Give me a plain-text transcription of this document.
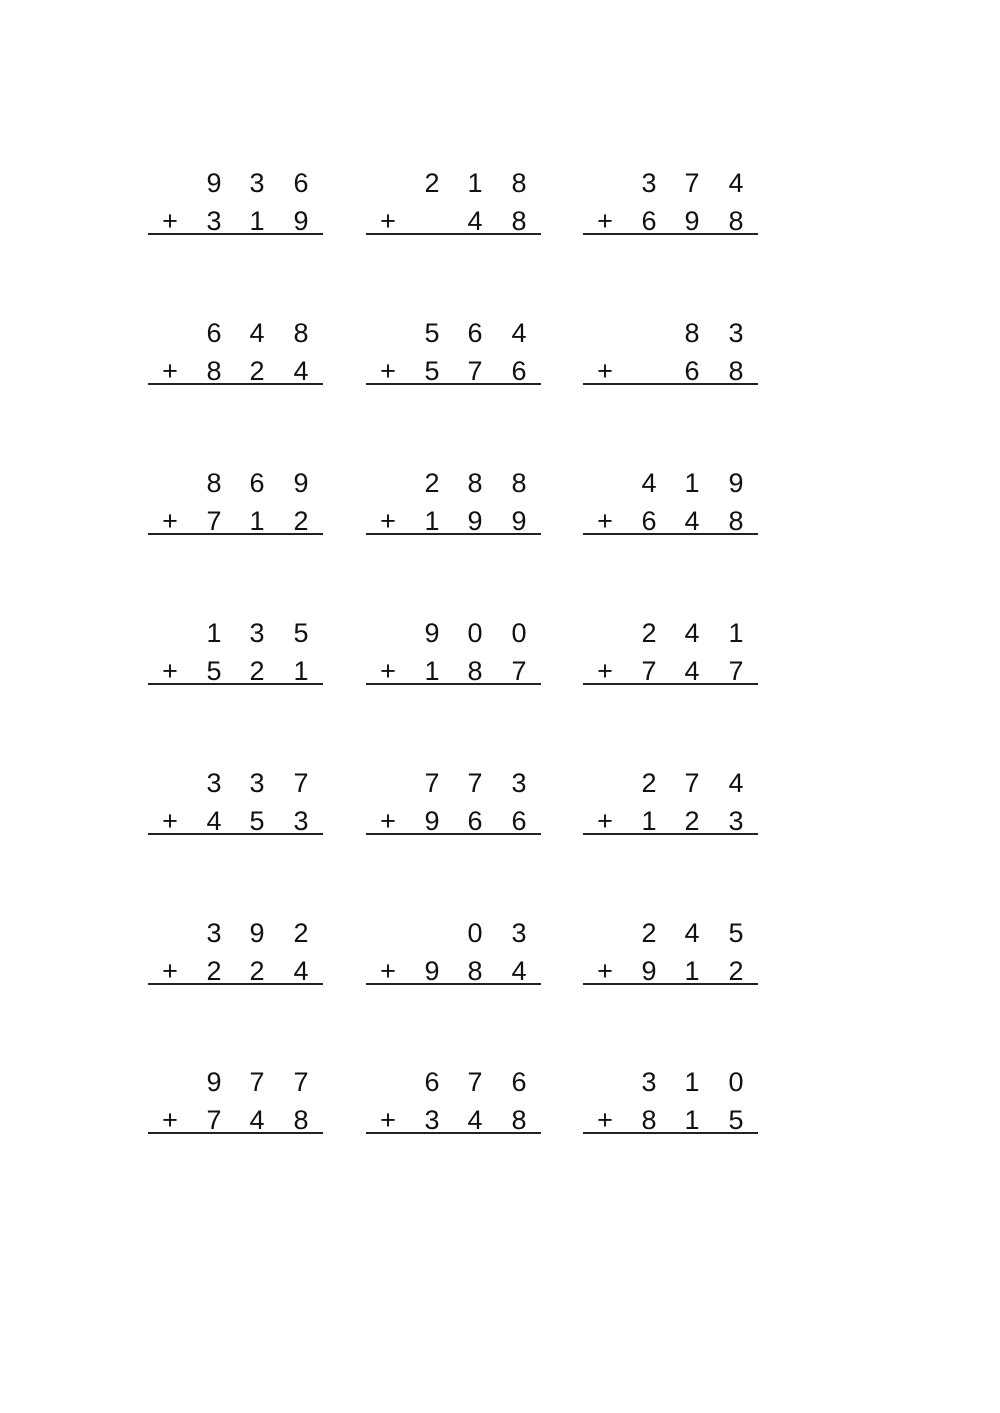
9 3 6
+ 3 1 9
2 1 8
+	4 8
3 7 4
+ 6 9 8
6 4 8
+ 8 2 4
5 6 4
+ 5 7 6
8 3
+	6 8
8 6 9
+ 7 1 2
2 8 8
+ 1 9 9
4 1 9
+ 6 4 8
1 3 5
+ 5 2 1
9 0 0
+ 1 8 7
2 4 1
+ 7 4 7
3 3 7
+ 4 5 3
7 7 3
+ 9 6 6
2 7 4
+ 1 2 3
3 9 2
+ 2 2 4
0 3
+ 9 8 4
2 4 5
+ 9 1 2
9 7 7
+ 7 4 8
6 7 6
+ 3 4 8
3 1 0
+ 8 1 5
